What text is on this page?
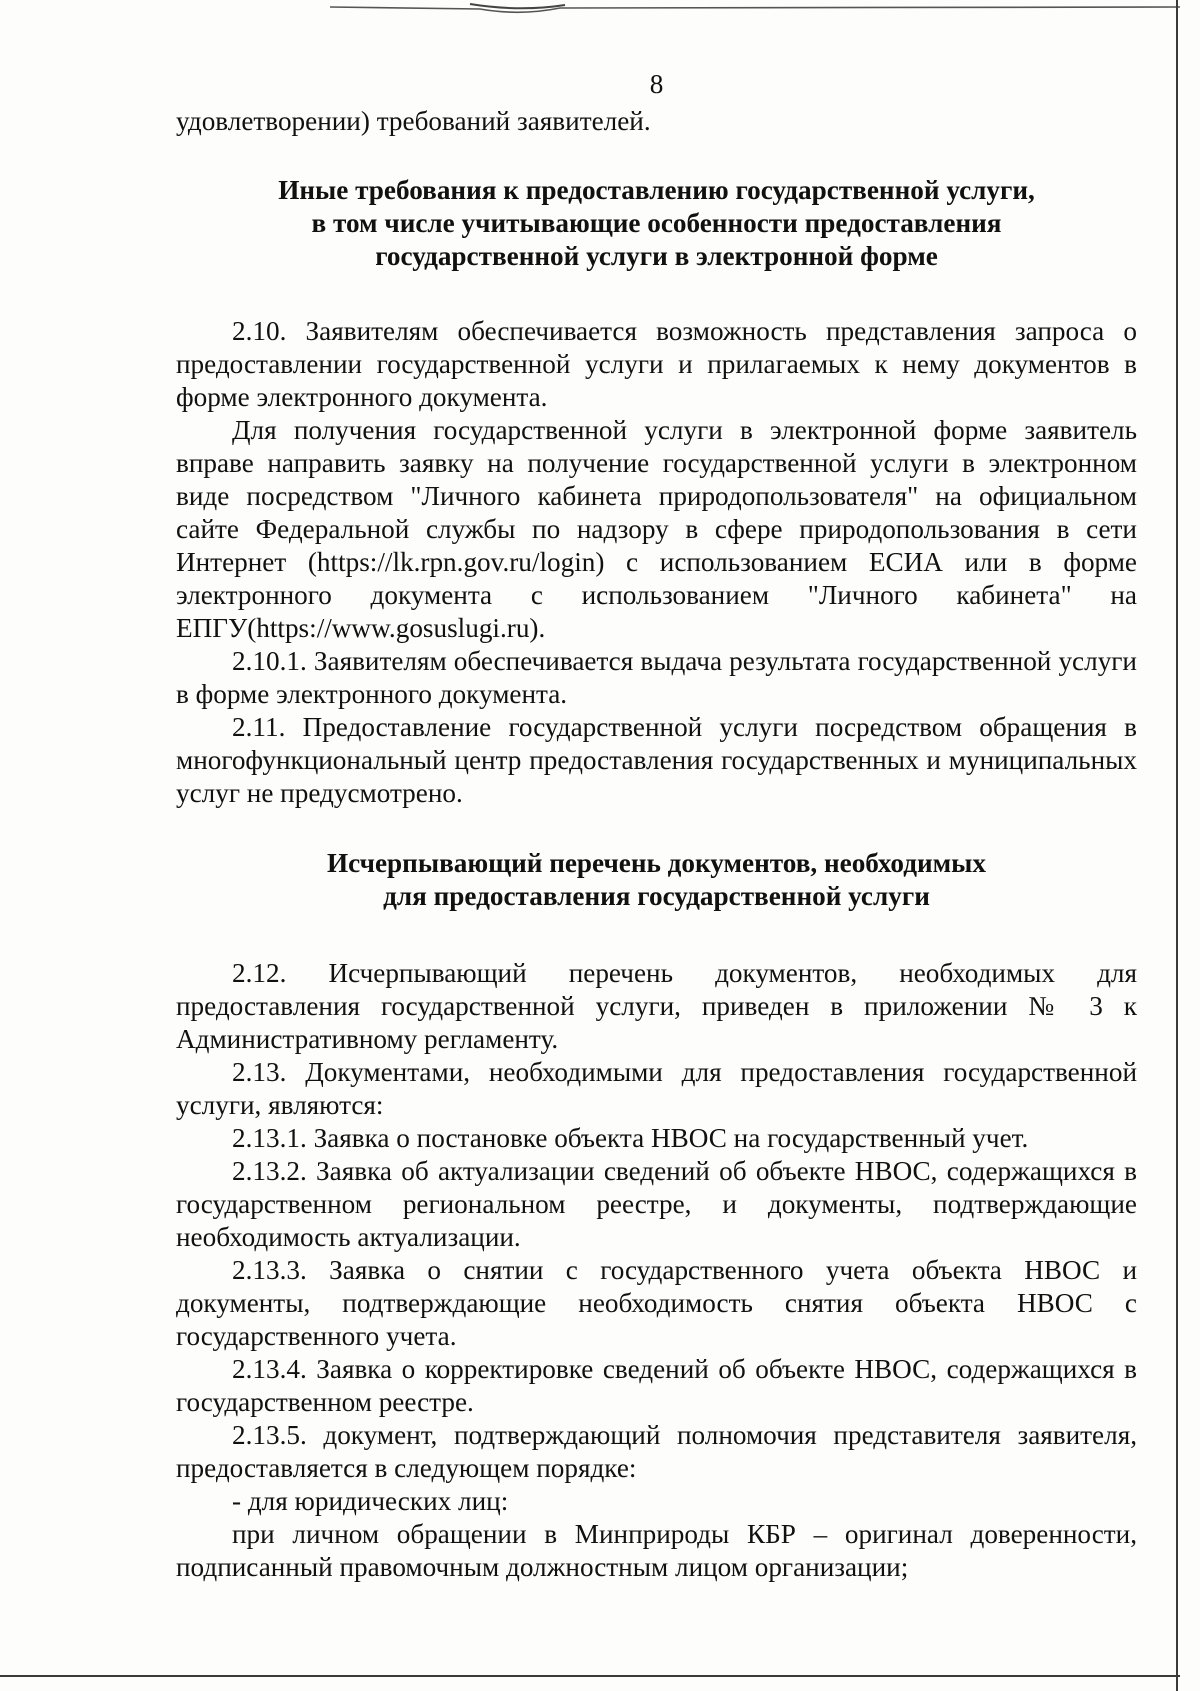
8

удовлетворении) требований заявителей.

Иные требования к предоставлению государственной услуги,
в том числе учитывающие особенности предоставления
государственной услуги в электронной форме

2.10. Заявителям обеспечивается возможность представления запроса о предоставлении государственной услуги и прилагаемых к нему документов в форме электронного документа.

Для получения государственной услуги в электронной форме заявитель вправе направить заявку на получение государственной услуги в электронном виде посредством "Личного кабинета природопользователя" на официальном сайте Федеральной службы по надзору в сфере природопользования в сети Интернет (https://lk.rpn.gov.ru/login) с использованием ЕСИА или в форме электронного документа с использованием "Личного кабинета" на ЕПГУ(https://www.gosuslugi.ru).

2.10.1. Заявителям обеспечивается выдача результата государственной услуги в форме электронного документа.

2.11. Предоставление государственной услуги посредством обращения в многофункциональный центр предоставления государственных и муниципальных услуг не предусмотрено.

Исчерпывающий перечень документов, необходимых
для предоставления государственной услуги

2.12. Исчерпывающий перечень документов, необходимых для предоставления государственной услуги, приведен в приложении № 3 к Административному регламенту.

2.13. Документами, необходимыми для предоставления государственной услуги, являются:

2.13.1. Заявка о постановке объекта НВОС на государственный учет.

2.13.2. Заявка об актуализации сведений об объекте НВОС, содержащихся в государственном региональном реестре, и документы, подтверждающие необходимость актуализации.

2.13.3. Заявка о снятии с государственного учета объекта НВОС и документы, подтверждающие необходимость снятия объекта НВОС с государственного учета.

2.13.4. Заявка о корректировке сведений об объекте НВОС, содержащихся в государственном реестре.

2.13.5. документ, подтверждающий полномочия представителя заявителя, предоставляется в следующем порядке:

- для юридических лиц:

при личном обращении в Минприроды КБР – оригинал доверенности, подписанный правомочным должностным лицом организации;
